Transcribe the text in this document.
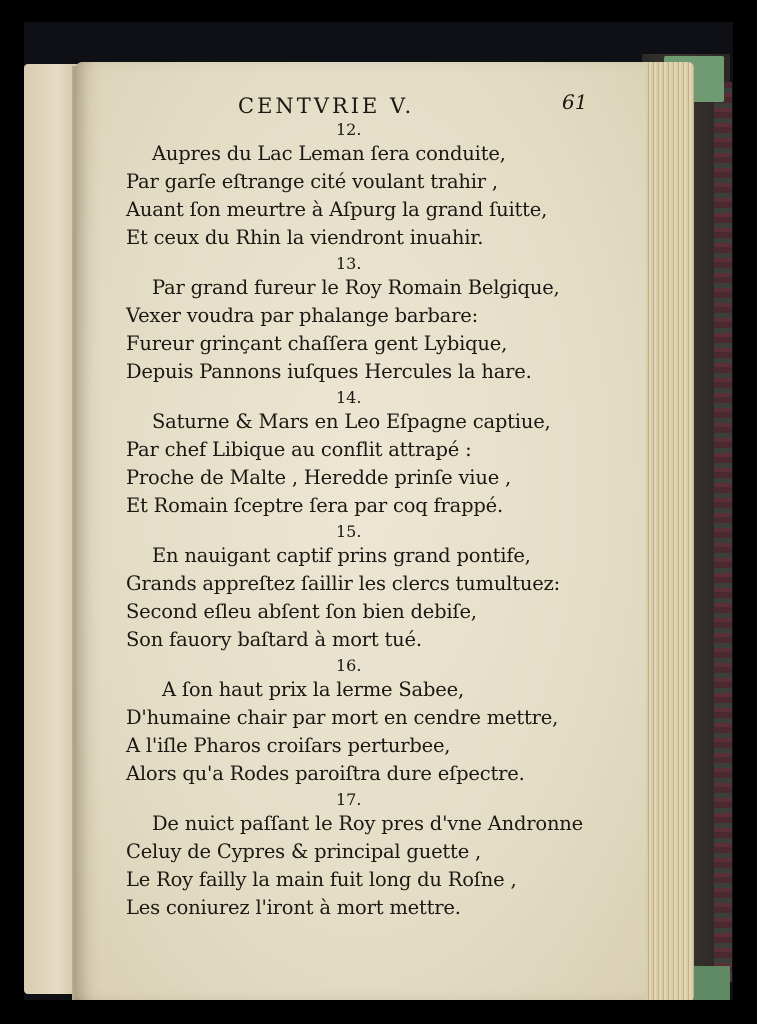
CENTVRIE V.	61
12.
Aupres du Lac Leman ſera conduite,
Par garſe eſtrange cité voulant trahir ,
Auant ſon meurtre à Aſpurg la grand ſuitte,
Et ceux du Rhin la viendront inuahir.
13.
Par grand fureur le Roy Romain Belgique,
Vexer voudra par phalange barbare:
Fureur grinçant chaſſera gent Lybique,
Depuis Pannons iuſques Hercules la hare.
14.
Saturne & Mars en Leo Eſpagne captiue,
Par chef Libique au conflit attrapé :
Proche de Malte , Heredde prinſe viue ,
Et Romain ſceptre ſera par coq frappé.
15.
En nauigant captif prins grand pontife,
Grands appreſtez ſaillir les clercs tumultuez:
Second eſleu abſent ſon bien debiſe,
Son fauory baſtard à mort tué.
16.
A ſon haut prix la lerme Sabee,
D'humaine chair par mort en cendre mettre,
A l'iſle Pharos croiſars perturbee,
Alors qu'a Rodes paroiſtra dure eſpectre.
17.
De nuict paſſant le Roy pres d'vne Andronne
Celuy de Cypres & principal guette ,
Le Roy failly la main fuit long du Roſne ,
Les coniurez l'iront à mort mettre.
